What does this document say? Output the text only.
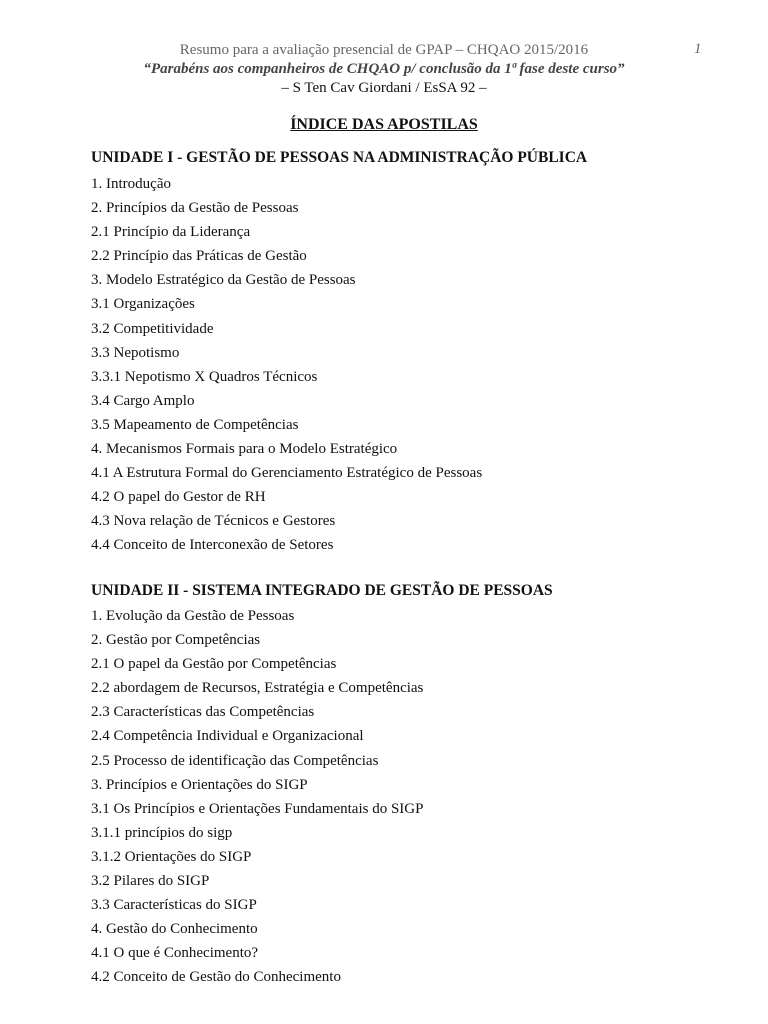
Resumo para a avaliação presencial de GPAP – CHQAO 2015/2016
“Parabéns aos companheiros de CHQAO p/ conclusão da 1ª fase deste curso”
– S Ten Cav Giordani / EsSA 92 –
1
ÍNDICE DAS APOSTILAS
UNIDADE I - GESTÃO DE PESSOAS NA ADMINISTRAÇÃO PÚBLICA
1. Introdução
2. Princípios da Gestão de Pessoas
2.1 Princípio da Liderança
2.2 Princípio das Práticas de Gestão
3. Modelo Estratégico da Gestão de Pessoas
3.1 Organizações
3.2 Competitividade
3.3 Nepotismo
3.3.1 Nepotismo X Quadros Técnicos
3.4 Cargo Amplo
3.5 Mapeamento de Competências
4. Mecanismos Formais para o Modelo Estratégico
4.1 A Estrutura Formal do Gerenciamento Estratégico de Pessoas
4.2 O papel do Gestor de RH
4.3 Nova relação de Técnicos e Gestores
4.4 Conceito de Interconexão de Setores
UNIDADE II - SISTEMA INTEGRADO DE GESTÃO DE PESSOAS
1. Evolução da Gestão de Pessoas
2. Gestão por Competências
2.1 O papel da Gestão por Competências
2.2 abordagem de Recursos, Estratégia e Competências
2.3 Características das Competências
2.4 Competência Individual e Organizacional
2.5 Processo de identificação das Competências
3. Princípios e Orientações do SIGP
3.1 Os Princípios e Orientações Fundamentais do SIGP
3.1.1 princípios do sigp
3.1.2 Orientações do SIGP
3.2 Pilares do SIGP
3.3 Características do SIGP
4. Gestão do Conhecimento
4.1 O que é Conhecimento?
4.2 Conceito de Gestão do Conhecimento
